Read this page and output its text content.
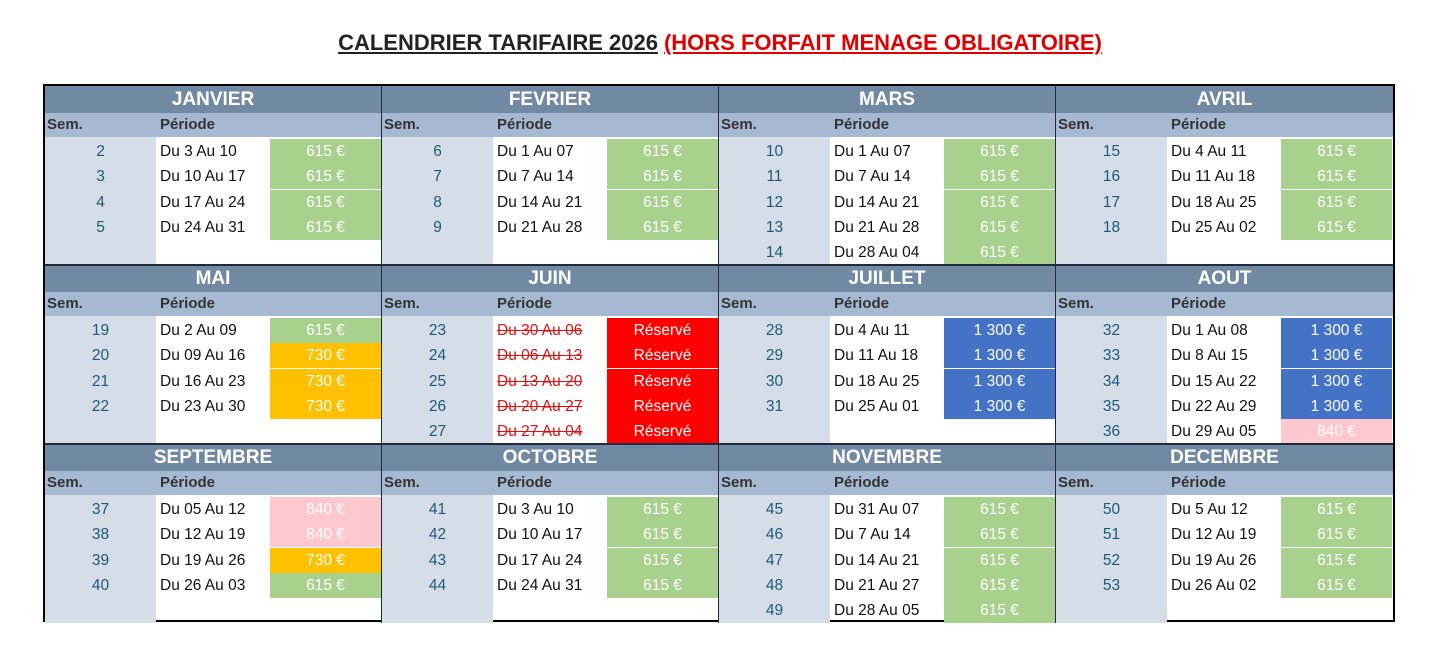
CALENDRIER TARIFAIRE 2026 (HORS FORFAIT MENAGE OBLIGATOIRE)
JANVIER
Sem.	Période
2	Du 3 Au 10	615 €
3	Du 10 Au 17	615 €
4	Du 17 Au 24	615 €
5	Du 24 Au 31	615 €
FEVRIER
Sem.	Période
6	Du 1 Au 07	615 €
7	Du 7 Au 14	615 €
8	Du 14 Au 21	615 €
9	Du 21 Au 28	615 €
MARS
Sem.	Période
10	Du 1 Au 07	615 €
11	Du 7 Au 14	615 €
12	Du 14 Au 21	615 €
13	Du 21 Au 28	615 €
14	Du 28 Au 04	615 €
AVRIL
Sem.	Période
15	Du 4 Au 11	615 €
16	Du 11 Au 18	615 €
17	Du 18 Au 25	615 €
18	Du 25 Au 02	615 €
MAI
Sem.	Période
19	Du 2 Au 09	615 €
20	Du 09 Au 16	730 €
21	Du 16 Au 23	730 €
22	Du 23 Au 30	730 €
JUIN
Sem.	Période
23	Du 30 Au 06	Réservé
24	Du 06 Au 13	Réservé
25	Du 13 Au 20	Réservé
26	Du 20 Au 27	Réservé
27	Du 27 Au 04	Réservé
JUILLET
Sem.	Période
28	Du 4 Au 11	1 300 €
29	Du 11 Au 18	1 300 €
30	Du 18 Au 25	1 300 €
31	Du 25 Au 01	1 300 €
AOUT
Sem.	Période
32	Du 1 Au 08	1 300 €
33	Du 8 Au 15	1 300 €
34	Du 15 Au 22	1 300 €
35	Du 22 Au 29	1 300 €
36	Du 29 Au 05	840 €
SEPTEMBRE
Sem.	Période
37	Du 05 Au 12	840 €
38	Du 12 Au 19	840 €
39	Du 19 Au 26	730 €
40	Du 26 Au 03	615 €
OCTOBRE
Sem.	Période
41	Du 3 Au 10	615 €
42	Du 10 Au 17	615 €
43	Du 17 Au 24	615 €
44	Du 24 Au 31	615 €
NOVEMBRE
Sem.	Période
45	Du 31 Au 07	615 €
46	Du 7 Au 14	615 €
47	Du 14 Au 21	615 €
48	Du 21 Au 27	615 €
49	Du 28 Au 05	615 €
DECEMBRE
Sem.	Période
50	Du 5 Au 12	615 €
51	Du 12 Au 19	615 €
52	Du 19 Au 26	615 €
53	Du 26 Au 02	615 €
